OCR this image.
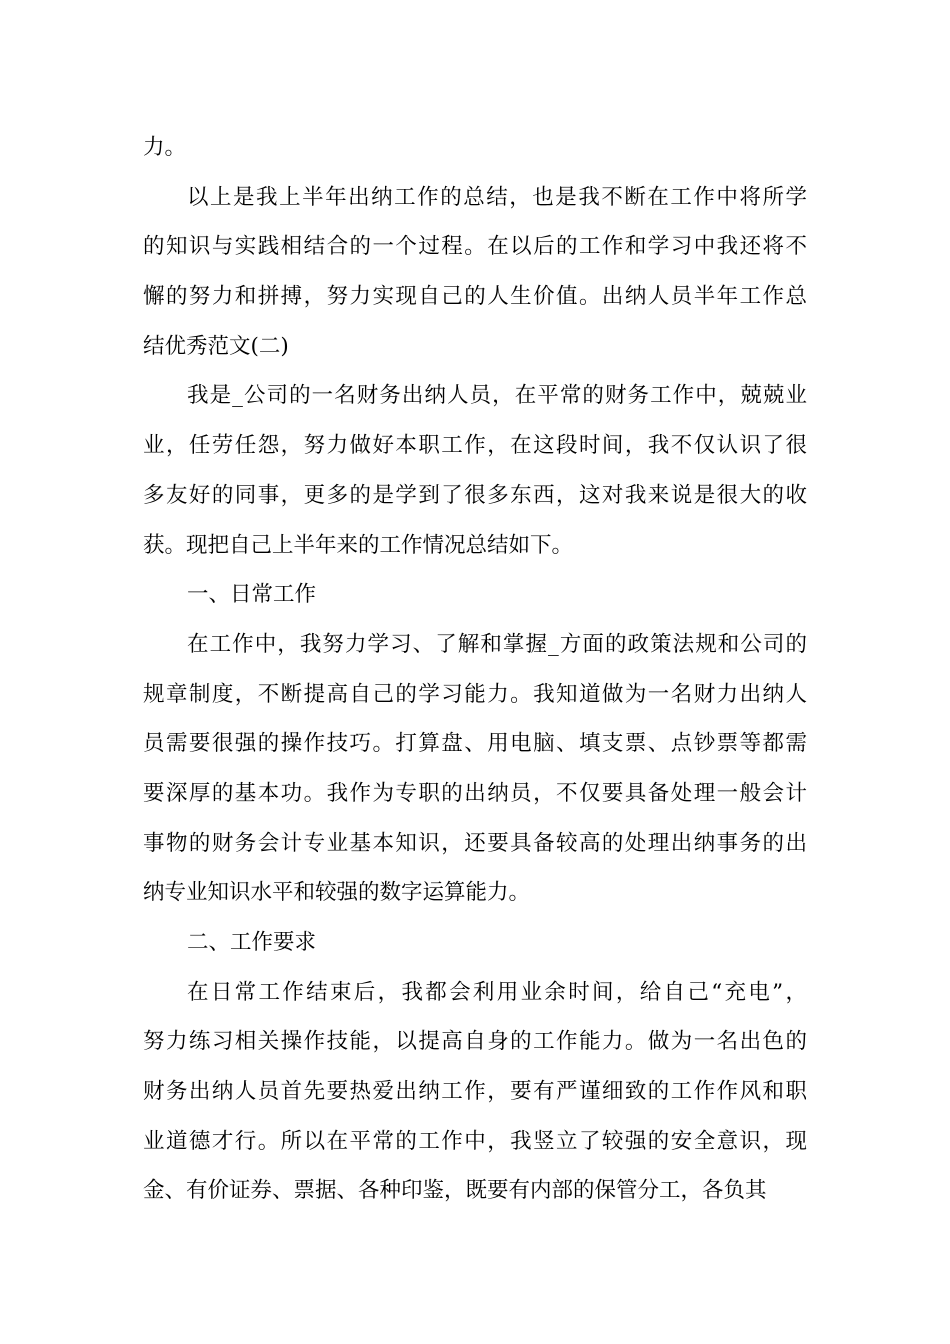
力。
以上是我上半年出纳工作的总结，也是我不断在工作中将所学
的知识与实践相结合的一个过程。在以后的工作和学习中我还将不
懈的努力和拼搏，努力实现自己的人生价值。出纳人员半年工作总
结优秀范文(二)
我是_公司的一名财务出纳人员，在平常的财务工作中，兢兢业
业，任劳任怨，努力做好本职工作，在这段时间，我不仅认识了很
多友好的同事，更多的是学到了很多东西，这对我来说是很大的收
获。现把自己上半年来的工作情况总结如下。
一、日常工作
在工作中，我努力学习、了解和掌握_方面的政策法规和公司的
规章制度，不断提高自己的学习能力。我知道做为一名财力出纳人
员需要很强的操作技巧。打算盘、用电脑、填支票、点钞票等都需
要深厚的基本功。我作为专职的出纳员，不仅要具备处理一般会计
事物的财务会计专业基本知识，还要具备较高的处理出纳事务的出
纳专业知识水平和较强的数字运算能力。
二、工作要求
在日常工作结束后，我都会利用业余时间，给自己“充电”，
努力练习相关操作技能，以提高自身的工作能力。做为一名出色的
财务出纳人员首先要热爱出纳工作，要有严谨细致的工作作风和职
业道德才行。所以在平常的工作中，我竖立了较强的安全意识，现
金、有价证券、票据、各种印鉴，既要有内部的保管分工，各负其
